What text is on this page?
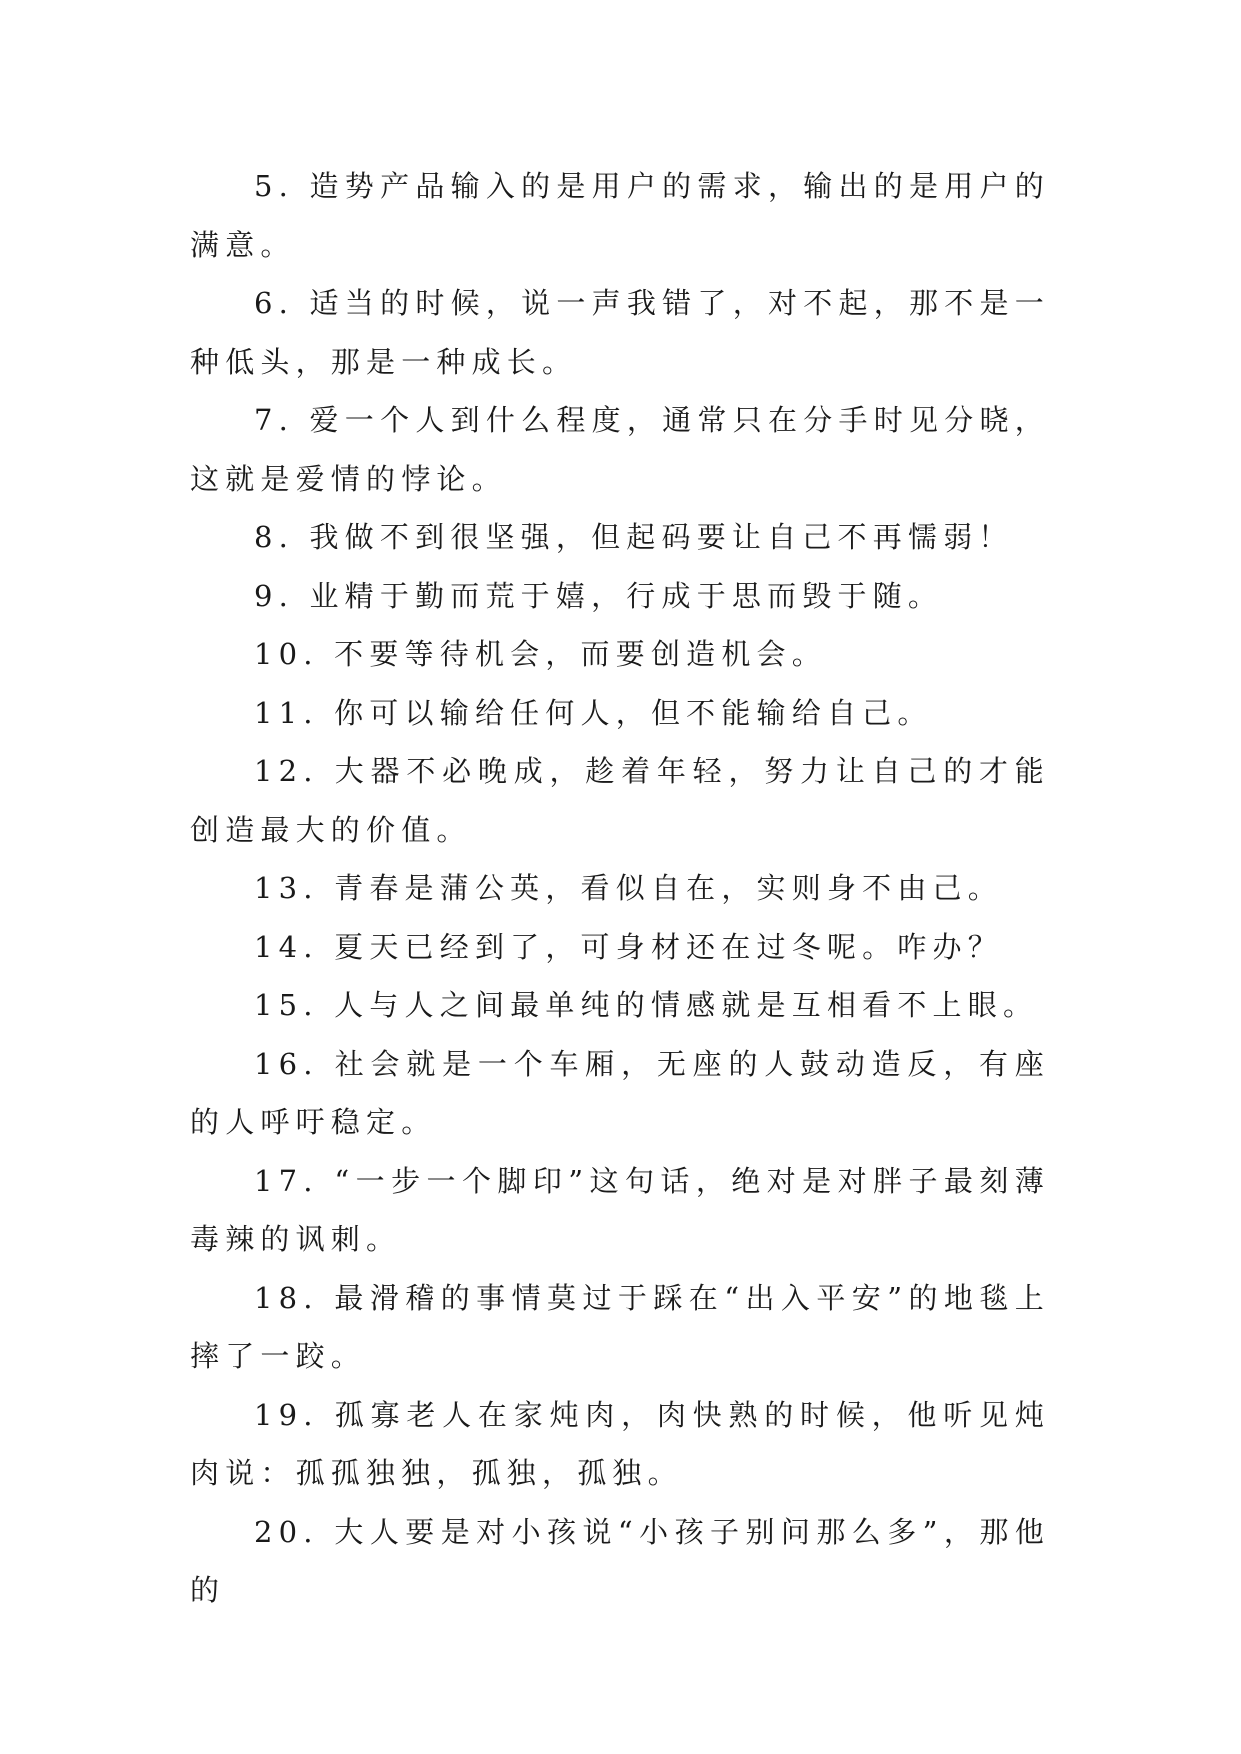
5. 造势产品输入的是用户的需求，输出的是用户的满意。

6. 适当的时候，说一声我错了，对不起，那不是一种低头，那是一种成长。

7. 爱一个人到什么程度，通常只在分手时见分晓，这就是爱情的悖论。

8. 我做不到很坚强，但起码要让自己不再懦弱！

9. 业精于勤而荒于嬉，行成于思而毁于随。

10. 不要等待机会，而要创造机会。

11. 你可以输给任何人，但不能输给自己。

12. 大器不必晚成，趁着年轻，努力让自己的才能创造最大的价值。

13. 青春是蒲公英，看似自在，实则身不由己。

14. 夏天已经到了，可身材还在过冬呢。咋办？

15. 人与人之间最单纯的情感就是互相看不上眼。

16. 社会就是一个车厢，无座的人鼓动造反，有座的人呼吁稳定。

17. “一步一个脚印”这句话，绝对是对胖子最刻薄毒辣的讽刺。

18. 最滑稽的事情莫过于踩在“出入平安”的地毯上摔了一跤。

19. 孤寡老人在家炖肉，肉快熟的时候，他听见炖肉说：孤孤独独，孤独，孤独。

20. 大人要是对小孩说“小孩子别问那么多”，那他的
